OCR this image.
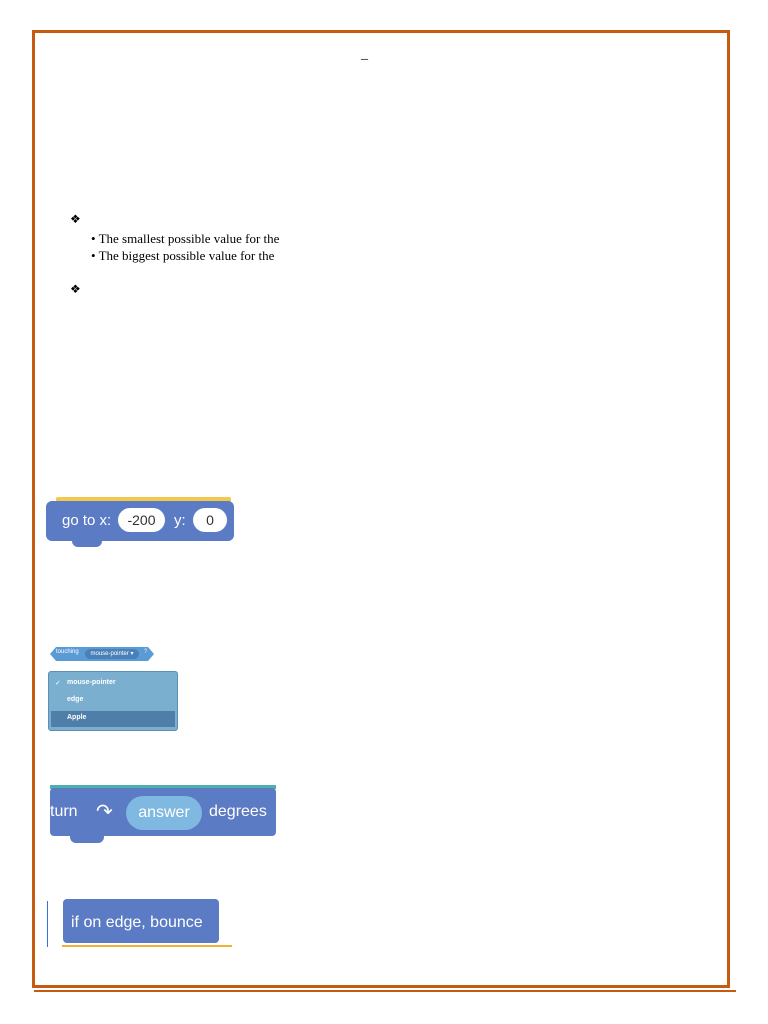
_
❖
• The smallest possible value for the
• The biggest possible value for the
❖
go to x:	-200	y:	0
touching	mouse-pointer ▾	?
✓ mouse-pointer
edge
Apple
turn ↷	answer	degrees
if on edge, bounce
